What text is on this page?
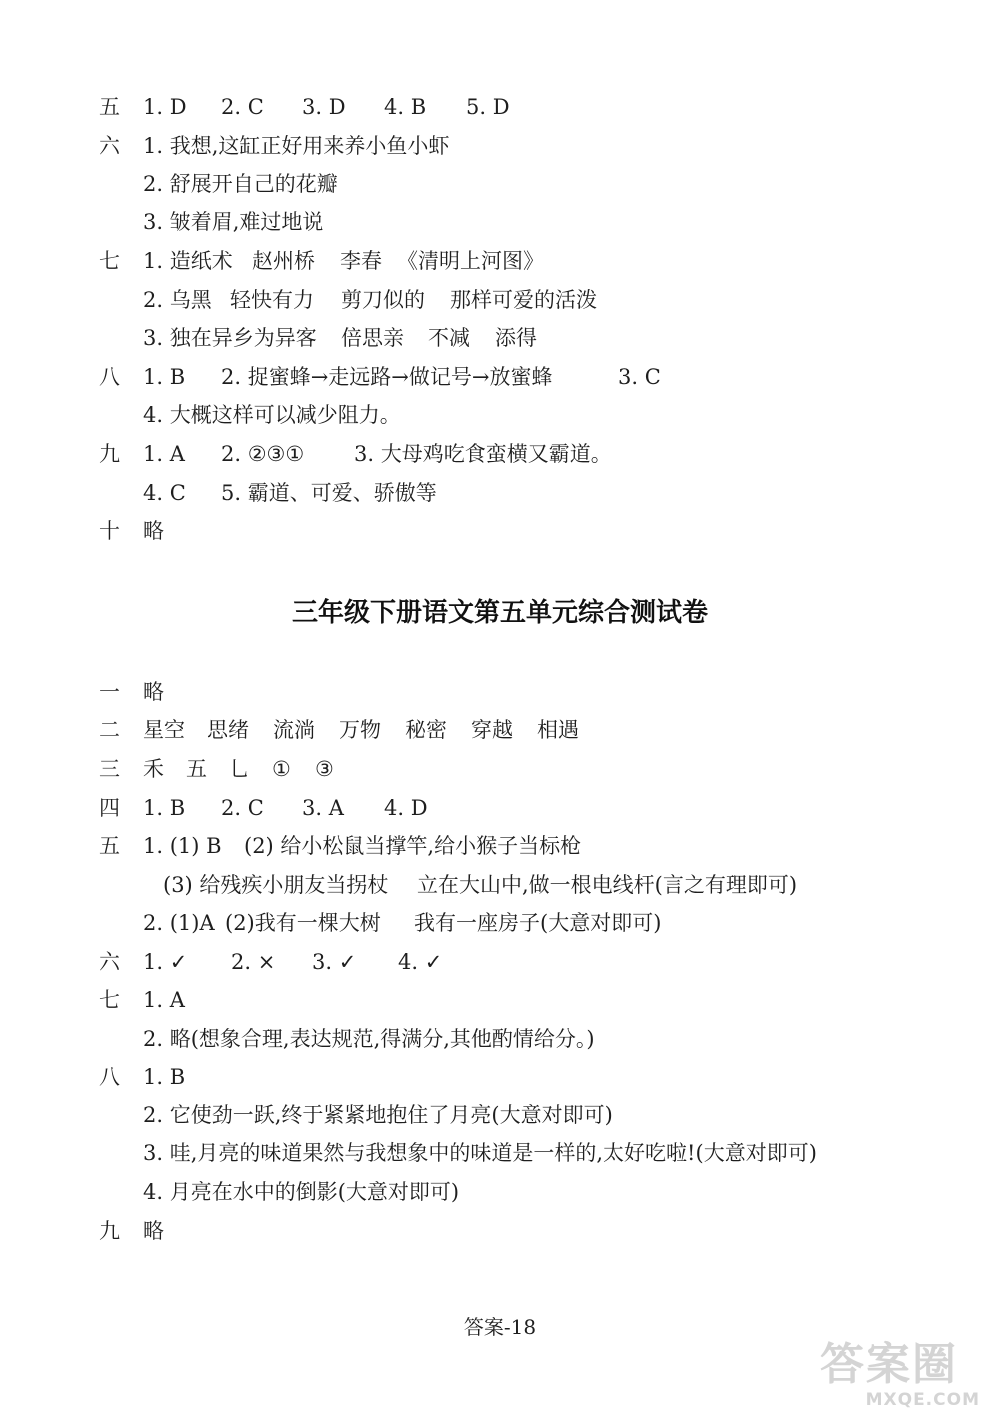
五 1. D 2. C 3. D 4. B 5. D
六 1. 我想,这缸正好用来养小鱼小虾
2. 舒展开自己的花瓣
3. 皱着眉,难过地说
七 1. 造纸术 赵州桥 李春 《清明上河图》
2. 乌黑 轻快有力 剪刀似的 那样可爱的活泼
3. 独在异乡为异客 倍思亲 不减 添得
八 1. B 2. 捉蜜蜂→走远路→做记号→放蜜蜂	3. C
4. 大概这样可以减少阻力。
九 1. A 2. ②③① 3. 大母鸡吃食蛮横又霸道。
4. C 5. 霸道、可爱、骄傲等
十 略
三年级下册语文第五单元综合测试卷
一 略
二 星空 思绪 流淌 万物 秘密 穿越 相遇
三 禾 五 乚 ① ③
四 1. B 2. C 3. A 4. D
五 1. (1) B (2) 给小松鼠当撑竿,给小猴子当标枪
(3) 给残疾小朋友当拐杖 立在大山中,做一根电线杆(言之有理即可)
2. (1)A (2)我有一棵大树 我有一座房子(大意对即可)
六 1. ✓ 2. × 3. ✓ 4. ✓
七 1. A
2. 略(想象合理,表达规范,得满分,其他酌情给分。)
八 1. B
2. 它使劲一跃,终于紧紧地抱住了月亮(大意对即可)
3. 哇,月亮的味道果然与我想象中的味道是一样的,太好吃啦!(大意对即可)
4. 月亮在水中的倒影(大意对即可)
九 略
答案-18
答案圈
MXQE.COM
